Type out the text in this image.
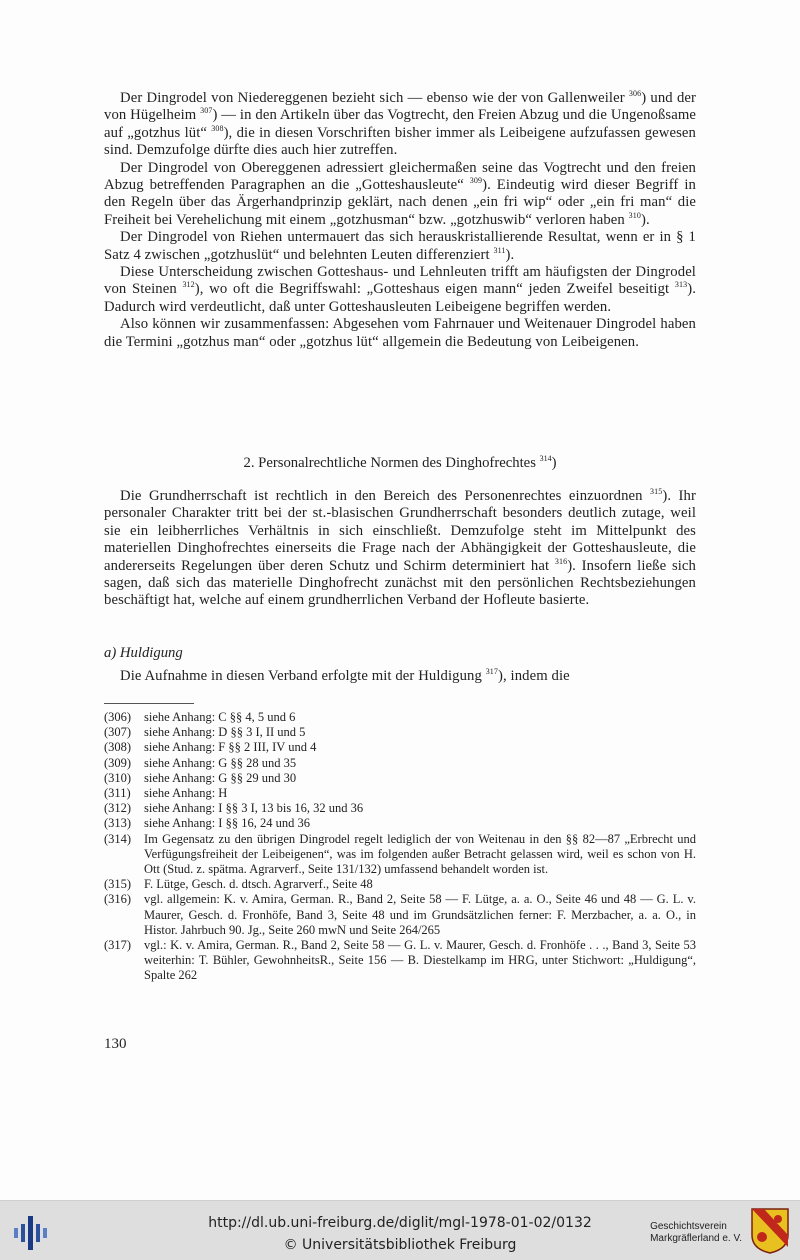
Der Dingrodel von Niedereggenen bezieht sich — ebenso wie der von Gallenweiler $^{306}$) und der von Hügelheim $^{307}$) — in den Artikeln über das Vogtrecht, den Freien Abzug und die Ungenoßsame auf „gotzhus lüt“ $^{308}$), die in diesen Vorschriften bisher immer als Leibeigene aufzufassen gewesen sind. Demzufolge dürfte dies auch hier zutreffen.

Der Dingrodel von Obereggenen adressiert gleichermaßen seine das Vogtrecht und den freien Abzug betreffenden Paragraphen an die „Gotteshausleute“ $^{309}$). Eindeutig wird dieser Begriff in den Regeln über das Ärgerhandprinzip geklärt, nach denen „ein fri wip“ oder „ein fri man“ die Freiheit bei Verehelichung mit einem „gotzhusman“ bzw. „gotzhuswib“ verloren haben $^{310}$).

Der Dingrodel von Riehen untermauert das sich herauskristallierende Resultat, wenn er in § 1 Satz 4 zwischen „gotzhuslüt“ und belehnten Leuten differenziert $^{311}$).

Diese Unterscheidung zwischen Gotteshaus- und Lehnleuten trifft am häufigsten der Dingrodel von Steinen $^{312}$), wo oft die Begriffswahl: „Gotteshaus eigen mann“ jeden Zweifel beseitigt $^{313}$). Dadurch wird verdeutlicht, daß unter Gotteshausleuten Leibeigene begriffen werden.

Also können wir zusammenfassen: Abgesehen vom Fahrnauer und Weitenauer Dingrodel haben die Termini „gotzhus man“ oder „gotzhus lüt“ allgemein die Bedeutung von Leibeigenen.

2. Personalrechtliche Normen des Dinghofrechtes $^{314}$)

Die Grundherrschaft ist rechtlich in den Bereich des Personenrechtes einzuordnen $^{315}$). Ihr personaler Charakter tritt bei der st.-blasischen Grundherrschaft besonders deutlich zutage, weil sie ein leibherrliches Verhältnis in sich einschließt. Demzufolge steht im Mittelpunkt des materiellen Dinghofrechtes einerseits die Frage nach der Abhängigkeit der Gotteshausleute, die andererseits Regelungen über deren Schutz und Schirm determiniert hat $^{316}$). Insofern ließe sich sagen, daß sich das materielle Dinghofrecht zunächst mit den persönlichen Rechtsbeziehungen beschäftigt hat, welche auf einem grundherrlichen Verband der Hofleute basierte.

a) Huldigung

Die Aufnahme in diesen Verband erfolgte mit der Huldigung $^{317}$), indem die

(306)	siehe Anhang: C §§ 4, 5 und 6
(307)	siehe Anhang: D §§ 3 I, II und 5
(308)	siehe Anhang: F §§ 2 III, IV und 4
(309)	siehe Anhang: G §§ 28 und 35
(310)	siehe Anhang: G §§ 29 und 30
(311)	siehe Anhang: H
(312)	siehe Anhang: I §§ 3 I, 13 bis 16, 32 und 36
(313)	siehe Anhang: I §§ 16, 24 und 36
(314)	Im Gegensatz zu den übrigen Dingrodel regelt lediglich der von Weitenau in den §§ 82—87 „Erbrecht und Verfügungsfreiheit der Leibeigenen“, was im folgenden außer Betracht gelassen wird, weil es schon von H. Ott (Stud. z. spätma. Agrarverf., Seite 131/132) umfassend behandelt worden ist.
(315)	F. Lütge, Gesch. d. dtsch. Agrarverf., Seite 48
(316)	vgl. allgemein: K. v. Amira, German. R., Band 2, Seite 58 — F. Lütge, a. a. O., Seite 46 und 48 — G. L. v. Maurer, Gesch. d. Fronhöfe, Band 3, Seite 48 und im Grundsätzlichen ferner: F. Merzbacher, a. a. O., in Histor. Jahrbuch 90. Jg., Seite 260 mwN und Seite 264/265
(317)	vgl.: K. v. Amira, German. R., Band 2, Seite 58 — G. L. v. Maurer, Gesch. d. Fronhöfe . . ., Band 3, Seite 53 weiterhin: T. Bühler, GewohnheitsR., Seite 156 — B. Diestelkamp im HRG, unter Stichwort: „Huldigung“, Spalte 262
130
http://dl.ub.uni-freiburg.de/diglit/mgl-1978-01-02/0132
© Universitätsbibliothek Freiburg
Geschichtsverein
Markgräflerland e. V.
